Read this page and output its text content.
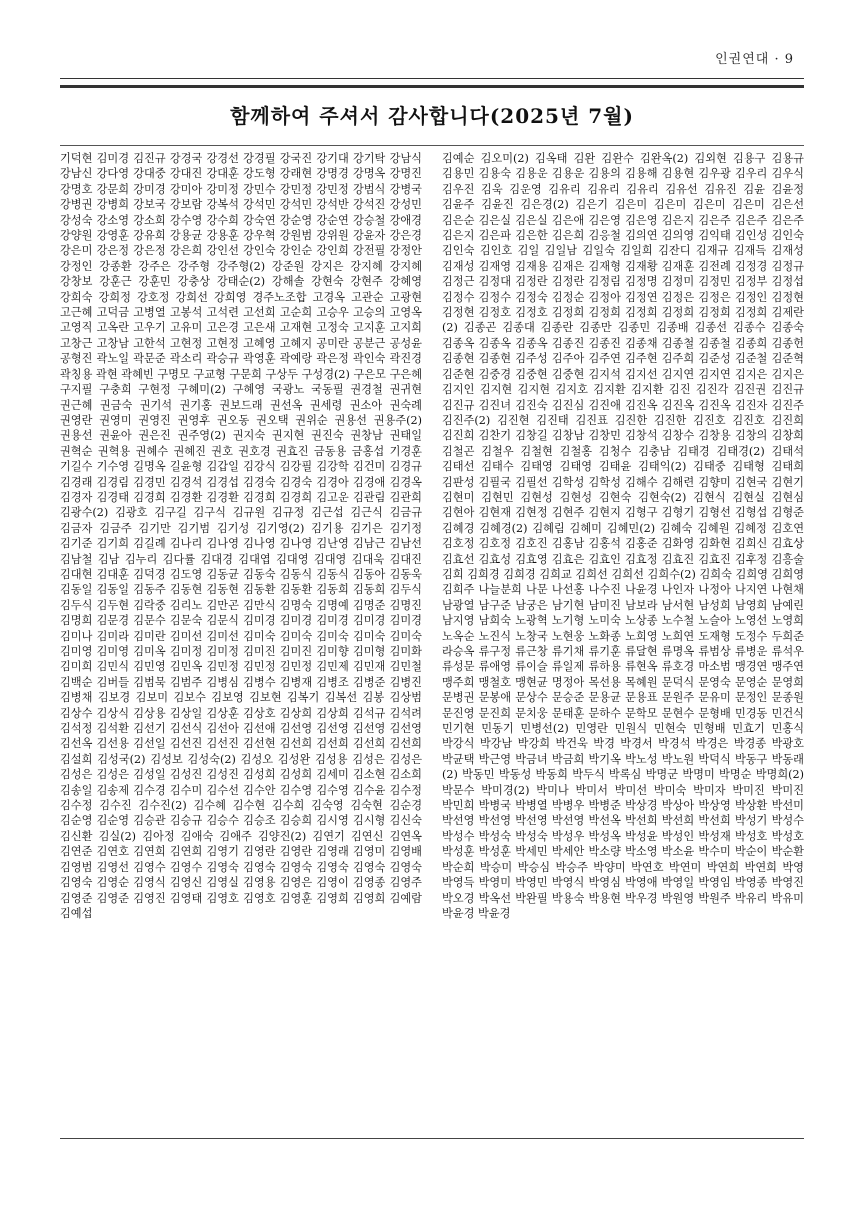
인권연대 · 9
함께하여 주셔서 감사합니다(2025년 7월)
기덕현 김미경 김진규 강경국 강경선 강경필 강국진 강기대 강기탁 강남식 강남신 강다영 강대중 강대진 강대훈 강도형 강래현 강명경 강명옥 강명진 강명호 강문희 강미경 강미아 강미정 강민수 강민정 강민정 강범식 강병국 강병권 강병희 강보국 강보람 강복석 강석민 강석민 강석반 강석진 강성민 강성숙 강소영 강소희 강수영 강수희 강숙연 강순영 강순연 강승철 강애경 강양원 강영훈 강유희 강용균 강용훈 강우혁 강원범 강위원 강윤자 강은경 강은미 강은정 강은정 강은희 강인선 강인숙 강인순 강인희 강전필 강정안 강정인 강종환 강주은 강주형 강주형(2) 강준원 강지은 강지혜 강지혜 강창보 강훈근 강훈민 강충상 강태순(2) 강해솔 강현숙 강현주 강혜영 강희숙 강희정 강호정 강희선 강희영 경주노조합 고경옥 고관순 고광현 고근혜 고덕금 고병열 고봉석 고석련 고선희 고순희 고승우 고승의 고영옥 고영직 고옥란 고우기 고유미 고은경 고은새 고재현 고정숙 고지훈 고지희 고창근 고창남 고한석 고현정 고현정 고혜영 고혜지 공미란 공분근 공성윤 공형진 곽노일 곽문준 곽소리 곽승규 곽영훈 곽예랑 곽은정 곽인숙 곽진경 곽칭용 곽현 곽혜빈 구명모 구교형 구문희 구상두 구성경(2) 구은모 구은혜 구지필 구충희 구현정 구혜미(2) 구혜영 국광노 국동필 권경철 권귀현 권근혜 권금숙 권기석 권기홍 권보드래 권선옥 권세령 권소아 권숙례 권영란 권영미 권영진 권영후 권오동 권오택 권위순 권용선 권용주(2) 권용선 권윤아 권은진 권주영(2) 권지숙 권지현 권진숙 권창남 권태일 권혁순 권혁용 권혜수 권혜진 권호 권호경 권효진 금동용 금홍섭 기경훈 기길수 기수영 길명옥 길윤형 김갑일 김강식 김강필 김강학 김건미 김경규 김경래 김경림 김경민 김경석 김경섭 김경숙 김경숙 김경아 김경애 김경옥 김경자 김경태 김경희 김경환 김경환 김경희 김경희 김고운 김관림 김관희 김광수(2) 김광호 김구길 김구식 김규원 김규정 김근섭 김근식 김금규 김금자 김금주 김기만 김기범 김기성 김기영(2) 김기용 김기은 김기정 김기준 김기희 김길례 김나리 김나영 김나영 김나영 김난영 김남근 김남선 김남철 김남 김누리 김다률 김대경 김대엽 김대영 김대영 김대욱 김대진 김대현 김대훈 김덕경 김도영 김동균 김동숙 김동식 김동식 김동아 김동욱 김동일 김동일 김동주 김동현 김동현 김동환 김동환 김동희 김동희 김두식 김두식 김두현 김락중 김리노 김만곤 김만식 김명숙 김명예 김명준 김명진 김명희 김문경 김문수 김문숙 김문식 김미경 김미경 김미경 김미경 김미경 김미나 김미라 김미란 김미선 김미선 김미숙 김미숙 김미숙 김미숙 김미숙 김미영 김미영 김미옥 김미정 김미정 김미진 김미진 김미향 김미형 김미화 김미희 김민식 김민영 김민옥 김민정 김민정 김민정 김민제 김민재 김민철 김백순 김버들 김범묵 김범주 김병심 김병수 김병재 김병조 김병준 김병진 김병채 김보경 김보미 김보수 김보영 김보현 김복기 김복선 김봉 김상범 김상수 김상식 김상용 김상일 김상훈 김상호 김상희 김상희 김석규 김석려 김석정 김석환 김선기 김선식 김선아 김선애 김선영 김선영 김선영 김선영 김선옥 김선용 김선일 김선진 김선진 김선현 김선희 김선희 김선희 김선희 김설희 김성국(2) 김성보 김성숙(2) 김성오 김성완 김성용 김성은 김성은 김성은 김성은 김성일 김성진 김성진 김성희 김성희 김세미 김소현 김소희 김송일 김송제 김수경 김수미 김수선 김수안 김수영 김수영 김수윤 김수정 김수정 김수진 김수진(2) 김수혜 김수현 김수희 김숙영 김숙현 김순경 김순영 김순영 김승관 김승규 김승수 김승조 김승희 김시영 김시형 김신숙 김신환 김실(2) 김아정 김애숙 김애주 김양진(2) 김연기 김연신 김연옥 김연준 김연호 김연희 김연희 김영기 김영란 김영란 김영래 김영미 김영배 김영범 김영선 김영수 김영수 김영숙 김영숙 김영숙 김영숙 김영숙 김영숙 김영숙 김영순 김영식 김영신 김영실 김영용 김영은 김영이 김영종 김영주 김영준 김영준 김영진 김영태 김영호 김영호 김영훈 김영희 김영희 김예람 김예섭
김예순 김오미(2) 김옥태 김완 김완수 김완옥(2) 김외현 김용구 김용규 김용민 김용숙 김용운 김용운 김용의 김용해 김용현 김우광 김우리 김우식 김우진 김욱 김운영 김유리 김유리 김유리 김유선 김유진 김윤 김윤정 김윤주 김윤진 김은경(2) 김은기 김은미 김은미 김은미 김은미 김은선 김은순 김은실 김은실 김은애 김은영 김은영 김은지 김은주 김은주 김은주 김은지 김은파 김은한 김은희 김응철 김의연 김의영 김익태 김인성 김인숙 김인숙 김인호 김일 김일남 김일숙 김일희 김잔디 김재규 김재득 김재성 김재성 김재영 김재용 김재은 김재형 김재황 김재훈 김전례 김정경 김정규 김정근 김정대 김정란 김정란 김정림 김정명 김정미 김정민 김정부 김정섭 김정수 김정수 김정숙 김정순 김정아 김정연 김정은 김정은 김정인 김정현 김정현 김정호 김정호 김정희 김정희 김정희 김정희 김정희 김정희 김제란(2) 김종곤 김종대 김종란 김종만 김종민 김종배 김종선 김종수 김종숙 김종옥 김종옥 김종옥 김종진 김종진 김종채 김종철 김종철 김종희 김종헌 김종현 김종현 김주성 김주아 김주연 김주현 김주희 김준성 김준철 김준혁 김준현 김중경 김중현 김중현 김지석 김지선 김지연 김지연 김지은 김지은 김지인 김지현 김지현 김지호 김지환 김지환 김진 김진각 김진권 김진규 김진규 김진녀 김진숙 김진심 김진애 김진옥 김진옥 김진옥 김진자 김진주 김진주(2) 김진현 김진태 김진표 김진한 김진한 김진호 김진호 김진희 김진희 김찬기 김창길 김창남 김창민 김창석 김창수 김창용 김창의 김창희 김철곤 김철우 김철현 김철홍 김청수 김충남 김태경 김태경(2) 김태석 김태선 김태수 김태영 김태영 김태윤 김태익(2) 김태중 김태형 김태희 김판성 김필국 김필선 김학성 김학성 김해수 김해련 김향미 김현국 김현기 김현미 김현민 김현성 김현성 김현숙 김현숙(2) 김현식 김현실 김현심 김현아 김현재 김현정 김현주 김현지 김형구 김형기 김형선 김형섭 김형준 김혜경 김혜경(2) 김혜림 김혜미 김혜민(2) 김혜숙 김혜원 김혜정 김호연 김호정 김호정 김호진 김홍남 김홍석 김홍준 김화영 김화현 김희신 김효상 김효선 김효성 김효영 김효은 김효인 김효정 김효진 김효진 김후정 김흥술 김희 김희경 김희경 김희교 김희선 김희선 김희수(2) 김희숙 김희영 김희영 김희주 나늘분희 나문 나선홍 나수진 나윤경 나인자 나정아 나지연 나현채 남광열 남구준 남궁은 남기현 남미진 남보라 남서현 남성희 남영희 남예린 남지영 남희숙 노광혁 노기형 노미숙 노상종 노수철 노슬아 노영선 노영희 노옥순 노진식 노창국 노현웅 노화종 노희영 노희연 도재형 도정수 두희준 라승옥 류구정 류근창 류기채 류기훈 류달현 류명옥 류범상 류병운 류석우 류성문 류애영 류이슬 류일제 류하용 류현옥 류호경 마소범 맹경연 맹주연 맹주희 맹철호 맹현균 명정아 목선용 목혜원 문덕식 문영숙 문영순 문영희 문병권 문봉애 문상수 문승준 문용균 문용표 문원주 문유미 문정인 문종원 문진영 문진희 문치웅 문태훈 문하수 문학모 문현수 문형배 민경동 민건식 민기현 민동기 민병선(2) 민영란 민원식 민현숙 민형배 민효기 민홍식 박강식 박강남 박강희 박건욱 박경 박경서 박경석 박경은 박경종 박광호 박균택 박근영 박금녀 박금희 박기옥 박노성 박노원 박덕식 박동구 박동래(2) 박동민 박동성 박동희 박두식 박록심 박명군 박명미 박명순 박명희(2) 박문수 박미경(2) 박미나 박미서 박미선 박미숙 박미자 박미진 박미진 박민희 박병국 박병열 박병우 박병준 박상경 박상아 박상영 박상환 박선미 박선영 박선영 박선영 박선영 박선옥 박선희 박선희 박선희 박성기 박성수 박성수 박성숙 박성숙 박성우 박성옥 박성윤 박성인 박성재 박성호 박성호 박성훈 박성훈 박세민 박세안 박소량 박소영 박소윤 박수미 박순이 박순환 박순희 박승미 박승심 박승주 박양미 박연호 박연미 박연희 박연희 박영 박영득 박영미 박영민 박영식 박영심 박영애 박영일 박영임 박영종 박영진 박오경 박옥선 박완필 박용숙 박용현 박우경 박원영 박원주 박유리 박유미 박윤경 박윤경
